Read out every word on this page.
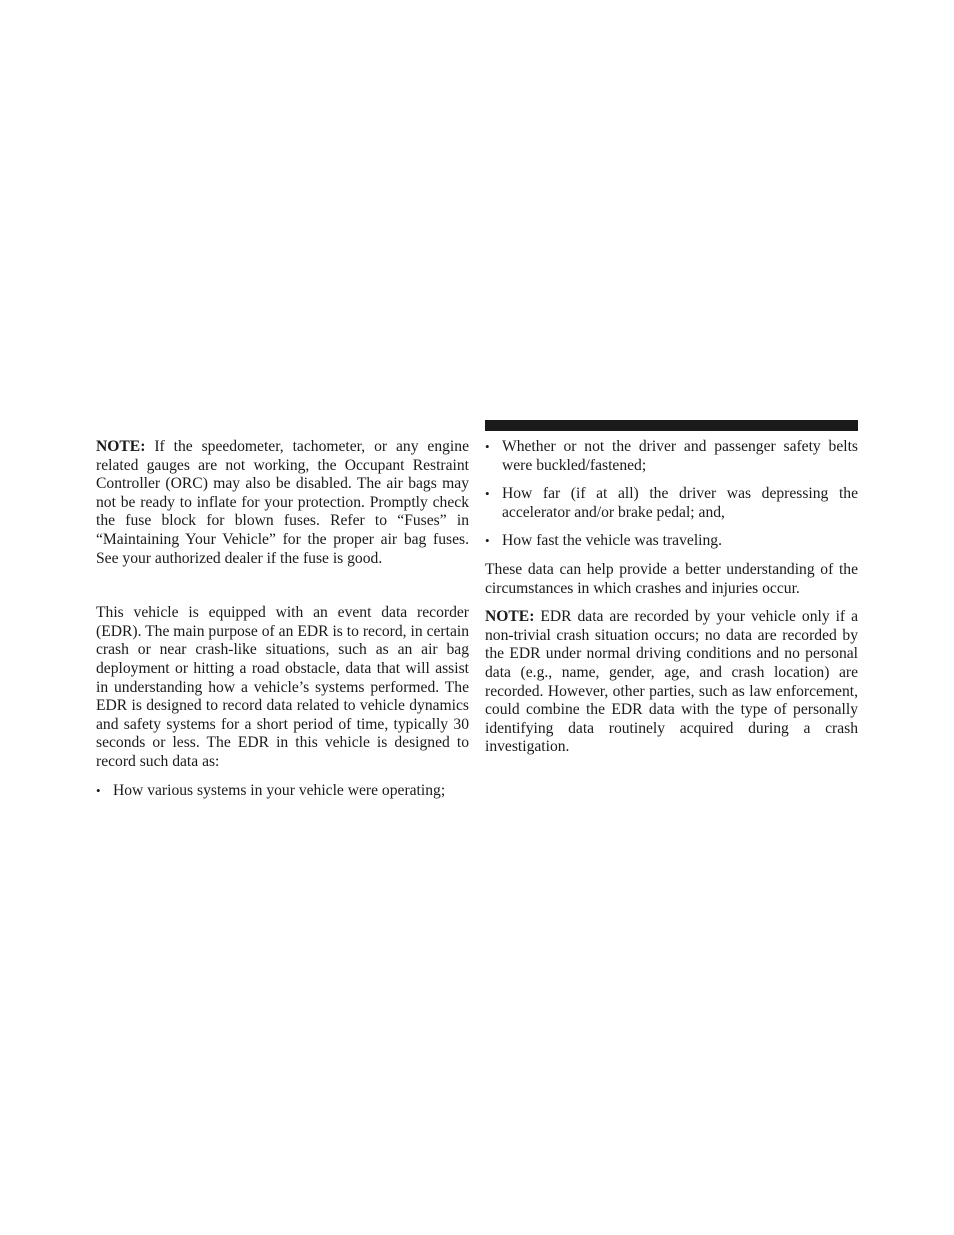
NOTE: If the speedometer, tachometer, or any engine related gauges are not working, the Occupant Restraint Controller (ORC) may also be disabled. The air bags may not be ready to inflate for your protection. Promptly check the fuse block for blown fuses. Refer to “Fuses” in “Maintaining Your Vehicle” for the proper air bag fuses. See your authorized dealer if the fuse is good.

This vehicle is equipped with an event data recorder (EDR). The main purpose of an EDR is to record, in certain crash or near crash-like situations, such as an air bag deployment or hitting a road obstacle, data that will assist in understanding how a vehicle’s systems performed. The EDR is designed to record data related to vehicle dynamics and safety systems for a short period of time, typically 30 seconds or less. The EDR in this vehicle is designed to record such data as:

• How various systems in your vehicle were operating;
• Whether or not the driver and passenger safety belts were buckled/fastened;
• How far (if at all) the driver was depressing the accelerator and/or brake pedal; and,
• How fast the vehicle was traveling.

These data can help provide a better understanding of the circumstances in which crashes and injuries occur.

NOTE: EDR data are recorded by your vehicle only if a non-trivial crash situation occurs; no data are recorded by the EDR under normal driving conditions and no personal data (e.g., name, gender, age, and crash location) are recorded. However, other parties, such as law enforcement, could combine the EDR data with the type of personally identifying data routinely acquired during a crash investigation.
